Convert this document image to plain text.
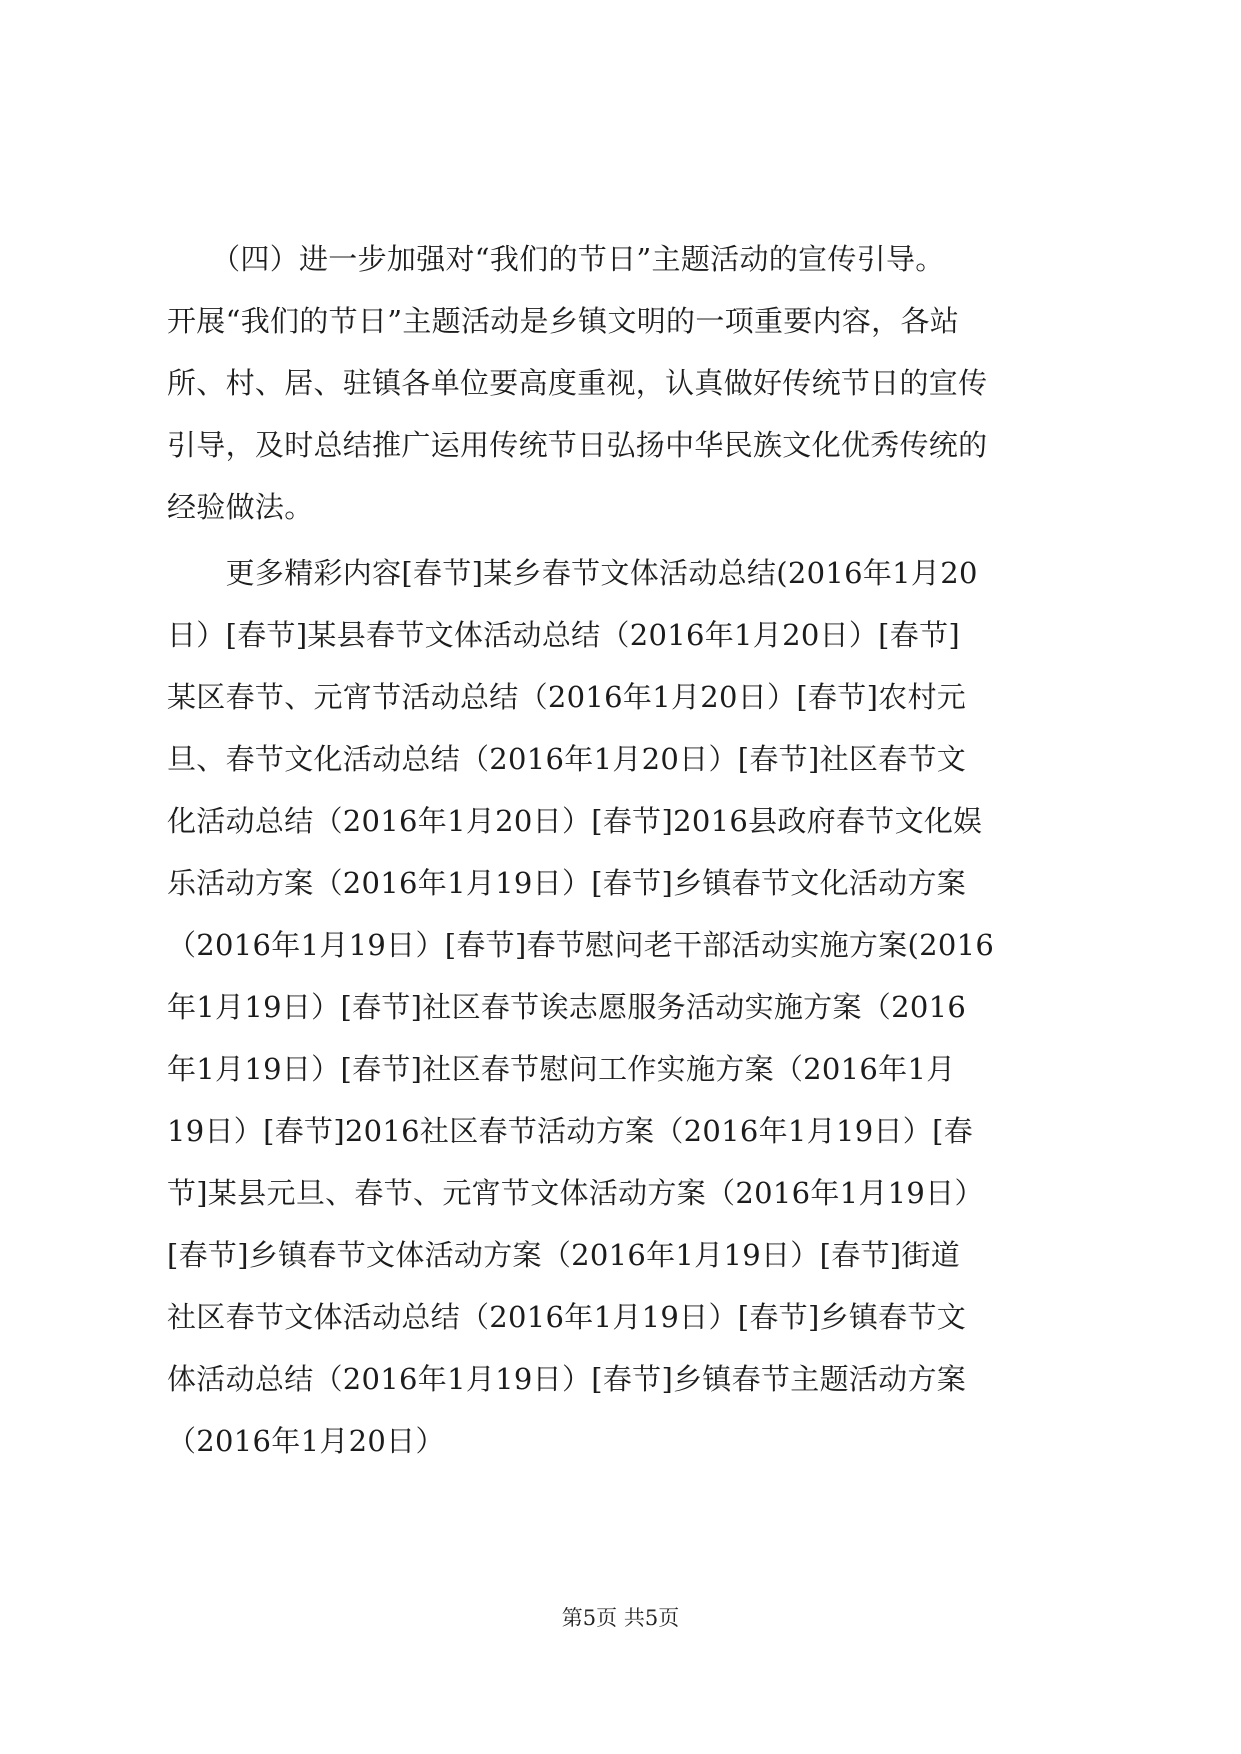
　　（四）进一步加强对“我们的节日”主题活动的宣传引导。
开展“我们的节日”主题活动是乡镇文明的一项重要内容，各站
所、村、居、驻镇各单位要高度重视，认真做好传统节日的宣传
引导，及时总结推广运用传统节日弘扬中华民族文化优秀传统的
经验做法。
　　更多精彩内容[春节]某乡春节文体活动总结(2016年1月20
日）[春节]某县春节文体活动总结（2016年1月20日）[春节]
某区春节、元宵节活动总结（2016年1月20日）[春节]农村元
旦、春节文化活动总结（2016年1月20日）[春节]社区春节文
化活动总结（2016年1月20日）[春节]2016县政府春节文化娱
乐活动方案（2016年1月19日）[春节]乡镇春节文化活动方案
（2016年1月19日）[春节]春节慰问老干部活动实施方案(2016
年1月19日）[春节]社区春节诶志愿服务活动实施方案（2016
年1月19日）[春节]社区春节慰问工作实施方案（2016年1月
19日）[春节]2016社区春节活动方案（2016年1月19日）[春
节]某县元旦、春节、元宵节文体活动方案（2016年1月19日）
[春节]乡镇春节文体活动方案（2016年1月19日）[春节]街道
社区春节文体活动总结（2016年1月19日）[春节]乡镇春节文
体活动总结（2016年1月19日）[春节]乡镇春节主题活动方案
（2016年1月20日）
第5页 共5页
